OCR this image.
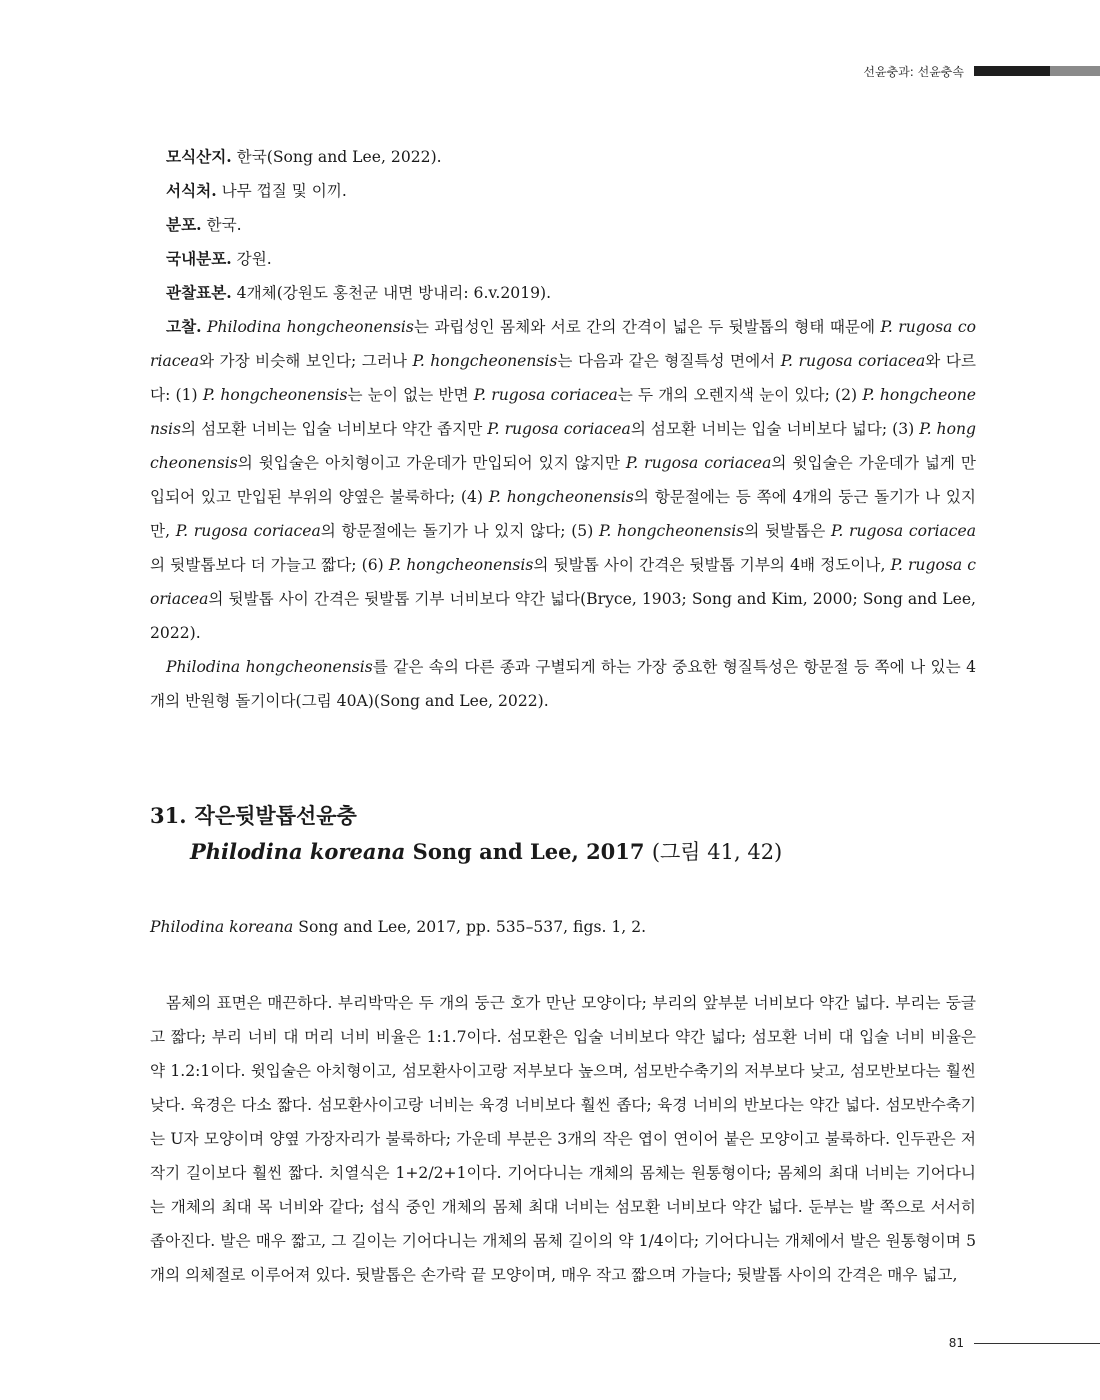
선윤충과: 선윤충속

모식산지. 한국(Song and Lee, 2022).

서식처. 나무 껍질 및 이끼.

분포. 한국.

국내분포. 강원.

관찰표본. 4개체(강원도 홍천군 내면 방내리: 6.v.2019).

고찰. Philodina hongcheonensis는 과립성인 몸체와 서로 간의 간격이 넓은 두 뒷발톱의 형태 때문에 P. rugosa coriacea와 가장 비슷해 보인다; 그러나 P. hongcheonensis는 다음과 같은 형질특성 면에서 P. rugosa coriacea와 다르다: (1) P. hongcheonensis는 눈이 없는 반면 P. rugosa coriacea는 두 개의 오렌지색 눈이 있다; (2) P. hongcheonensis의 섬모환 너비는 입술 너비보다 약간 좁지만 P. rugosa coriacea의 섬모환 너비는 입술 너비보다 넓다; (3) P. hongcheonensis의 윗입술은 아치형이고 가운데가 만입되어 있지 않지만 P. rugosa coriacea의 윗입술은 가운데가 넓게 만입되어 있고 만입된 부위의 양옆은 불룩하다; (4) P. hongcheonensis의 항문절에는 등 쪽에 4개의 둥근 돌기가 나 있지만, P. rugosa coriacea의 항문절에는 돌기가 나 있지 않다; (5) P. hongcheonensis의 뒷발톱은 P. rugosa coriacea의 뒷발톱보다 더 가늘고 짧다; (6) P. hongcheonensis의 뒷발톱 사이 간격은 뒷발톱 기부의 4배 정도이나, P. rugosa coriacea의 뒷발톱 사이 간격은 뒷발톱 기부 너비보다 약간 넓다(Bryce, 1903; Song and Kim, 2000; Song and Lee, 2022).

Philodina hongcheonensis를 같은 속의 다른 종과 구별되게 하는 가장 중요한 형질특성은 항문절 등 쪽에 나 있는 4개의 반원형 돌기이다(그림 40A)(Song and Lee, 2022).

31. 작은뒷발톱선윤충
Philodina koreana Song and Lee, 2017 (그림 41, 42)

Philodina koreana Song and Lee, 2017, pp. 535–537, figs. 1, 2.

몸체의 표면은 매끈하다. 부리박막은 두 개의 둥근 호가 만난 모양이다; 부리의 앞부분 너비보다 약간 넓다. 부리는 둥글고 짧다; 부리 너비 대 머리 너비 비율은 1:1.7이다. 섬모환은 입술 너비보다 약간 넓다; 섬모환 너비 대 입술 너비 비율은 약 1.2:1이다. 윗입술은 아치형이고, 섬모환사이고랑 저부보다 높으며, 섬모반수축기의 저부보다 낮고, 섬모반보다는 훨씬 낮다. 육경은 다소 짧다. 섬모환사이고랑 너비는 육경 너비보다 훨씬 좁다; 육경 너비의 반보다는 약간 넓다. 섬모반수축기는 U자 모양이며 양옆 가장자리가 불룩하다; 가운데 부분은 3개의 작은 엽이 연이어 붙은 모양이고 불룩하다. 인두관은 저작기 길이보다 훨씬 짧다. 치열식은 1+2/2+1이다. 기어다니는 개체의 몸체는 원통형이다; 몸체의 최대 너비는 기어다니는 개체의 최대 목 너비와 같다; 섭식 중인 개체의 몸체 최대 너비는 섬모환 너비보다 약간 넓다. 둔부는 발 쪽으로 서서히 좁아진다. 발은 매우 짧고, 그 길이는 기어다니는 개체의 몸체 길이의 약 1/4이다; 기어다니는 개체에서 발은 원통형이며 5개의 의체절로 이루어져 있다. 뒷발톱은 손가락 끝 모양이며, 매우 작고 짧으며 가늘다; 뒷발톱 사이의 간격은 매우 넓고,

81
